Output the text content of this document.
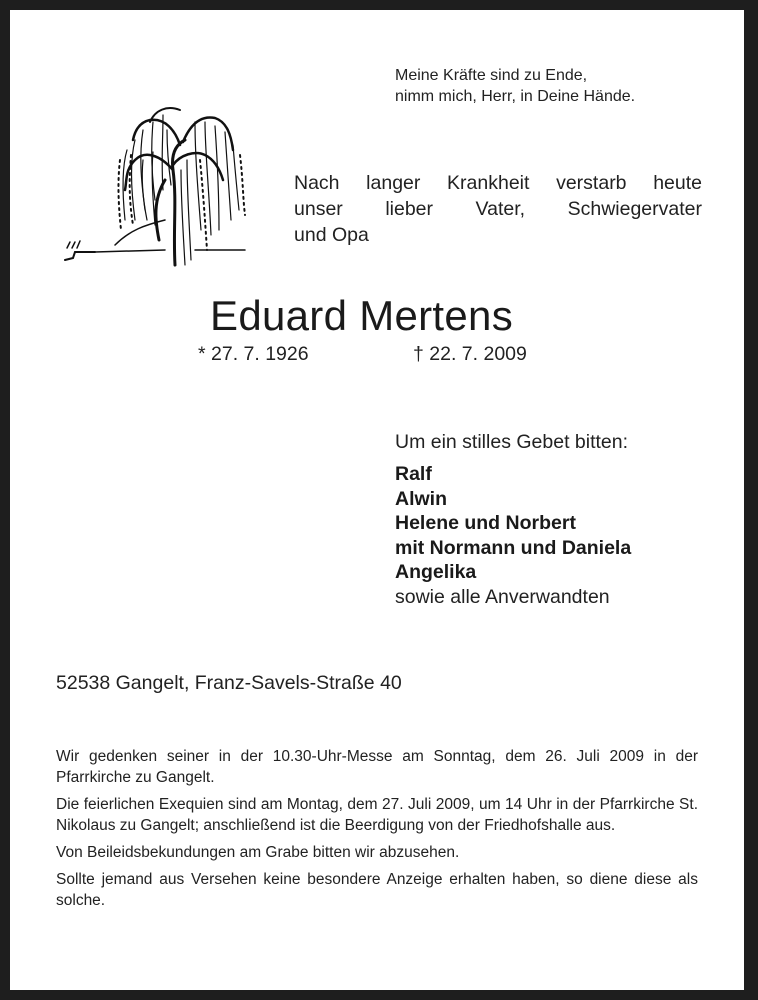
Meine Kräfte sind zu Ende,
nimm mich, Herr, in Deine Hände.
Nach langer Krankheit verstarb heute
unser lieber Vater, Schwiegervater
und Opa
Eduard Mertens
* 27. 7. 1926	† 22. 7. 2009
Um ein stilles Gebet bitten:
Ralf
Alwin
Helene und Norbert
mit Normann und Daniela
Angelika
sowie alle Anverwandten
52538 Gangelt, Franz-Savels-Straße 40

Wir gedenken seiner in der 10.30-Uhr-Messe am Sonntag, dem 26. Juli 2009 in der Pfarrkirche zu Gangelt.

Die feierlichen Exequien sind am Montag, dem 27. Juli 2009, um 14 Uhr in der Pfarrkirche St. Nikolaus zu Gangelt; anschließend ist die Beerdigung von der Friedhofshalle aus.

Von Beileidsbekundungen am Grabe bitten wir abzusehen.

Sollte jemand aus Versehen keine besondere Anzeige erhalten haben, so diene diese als solche.
